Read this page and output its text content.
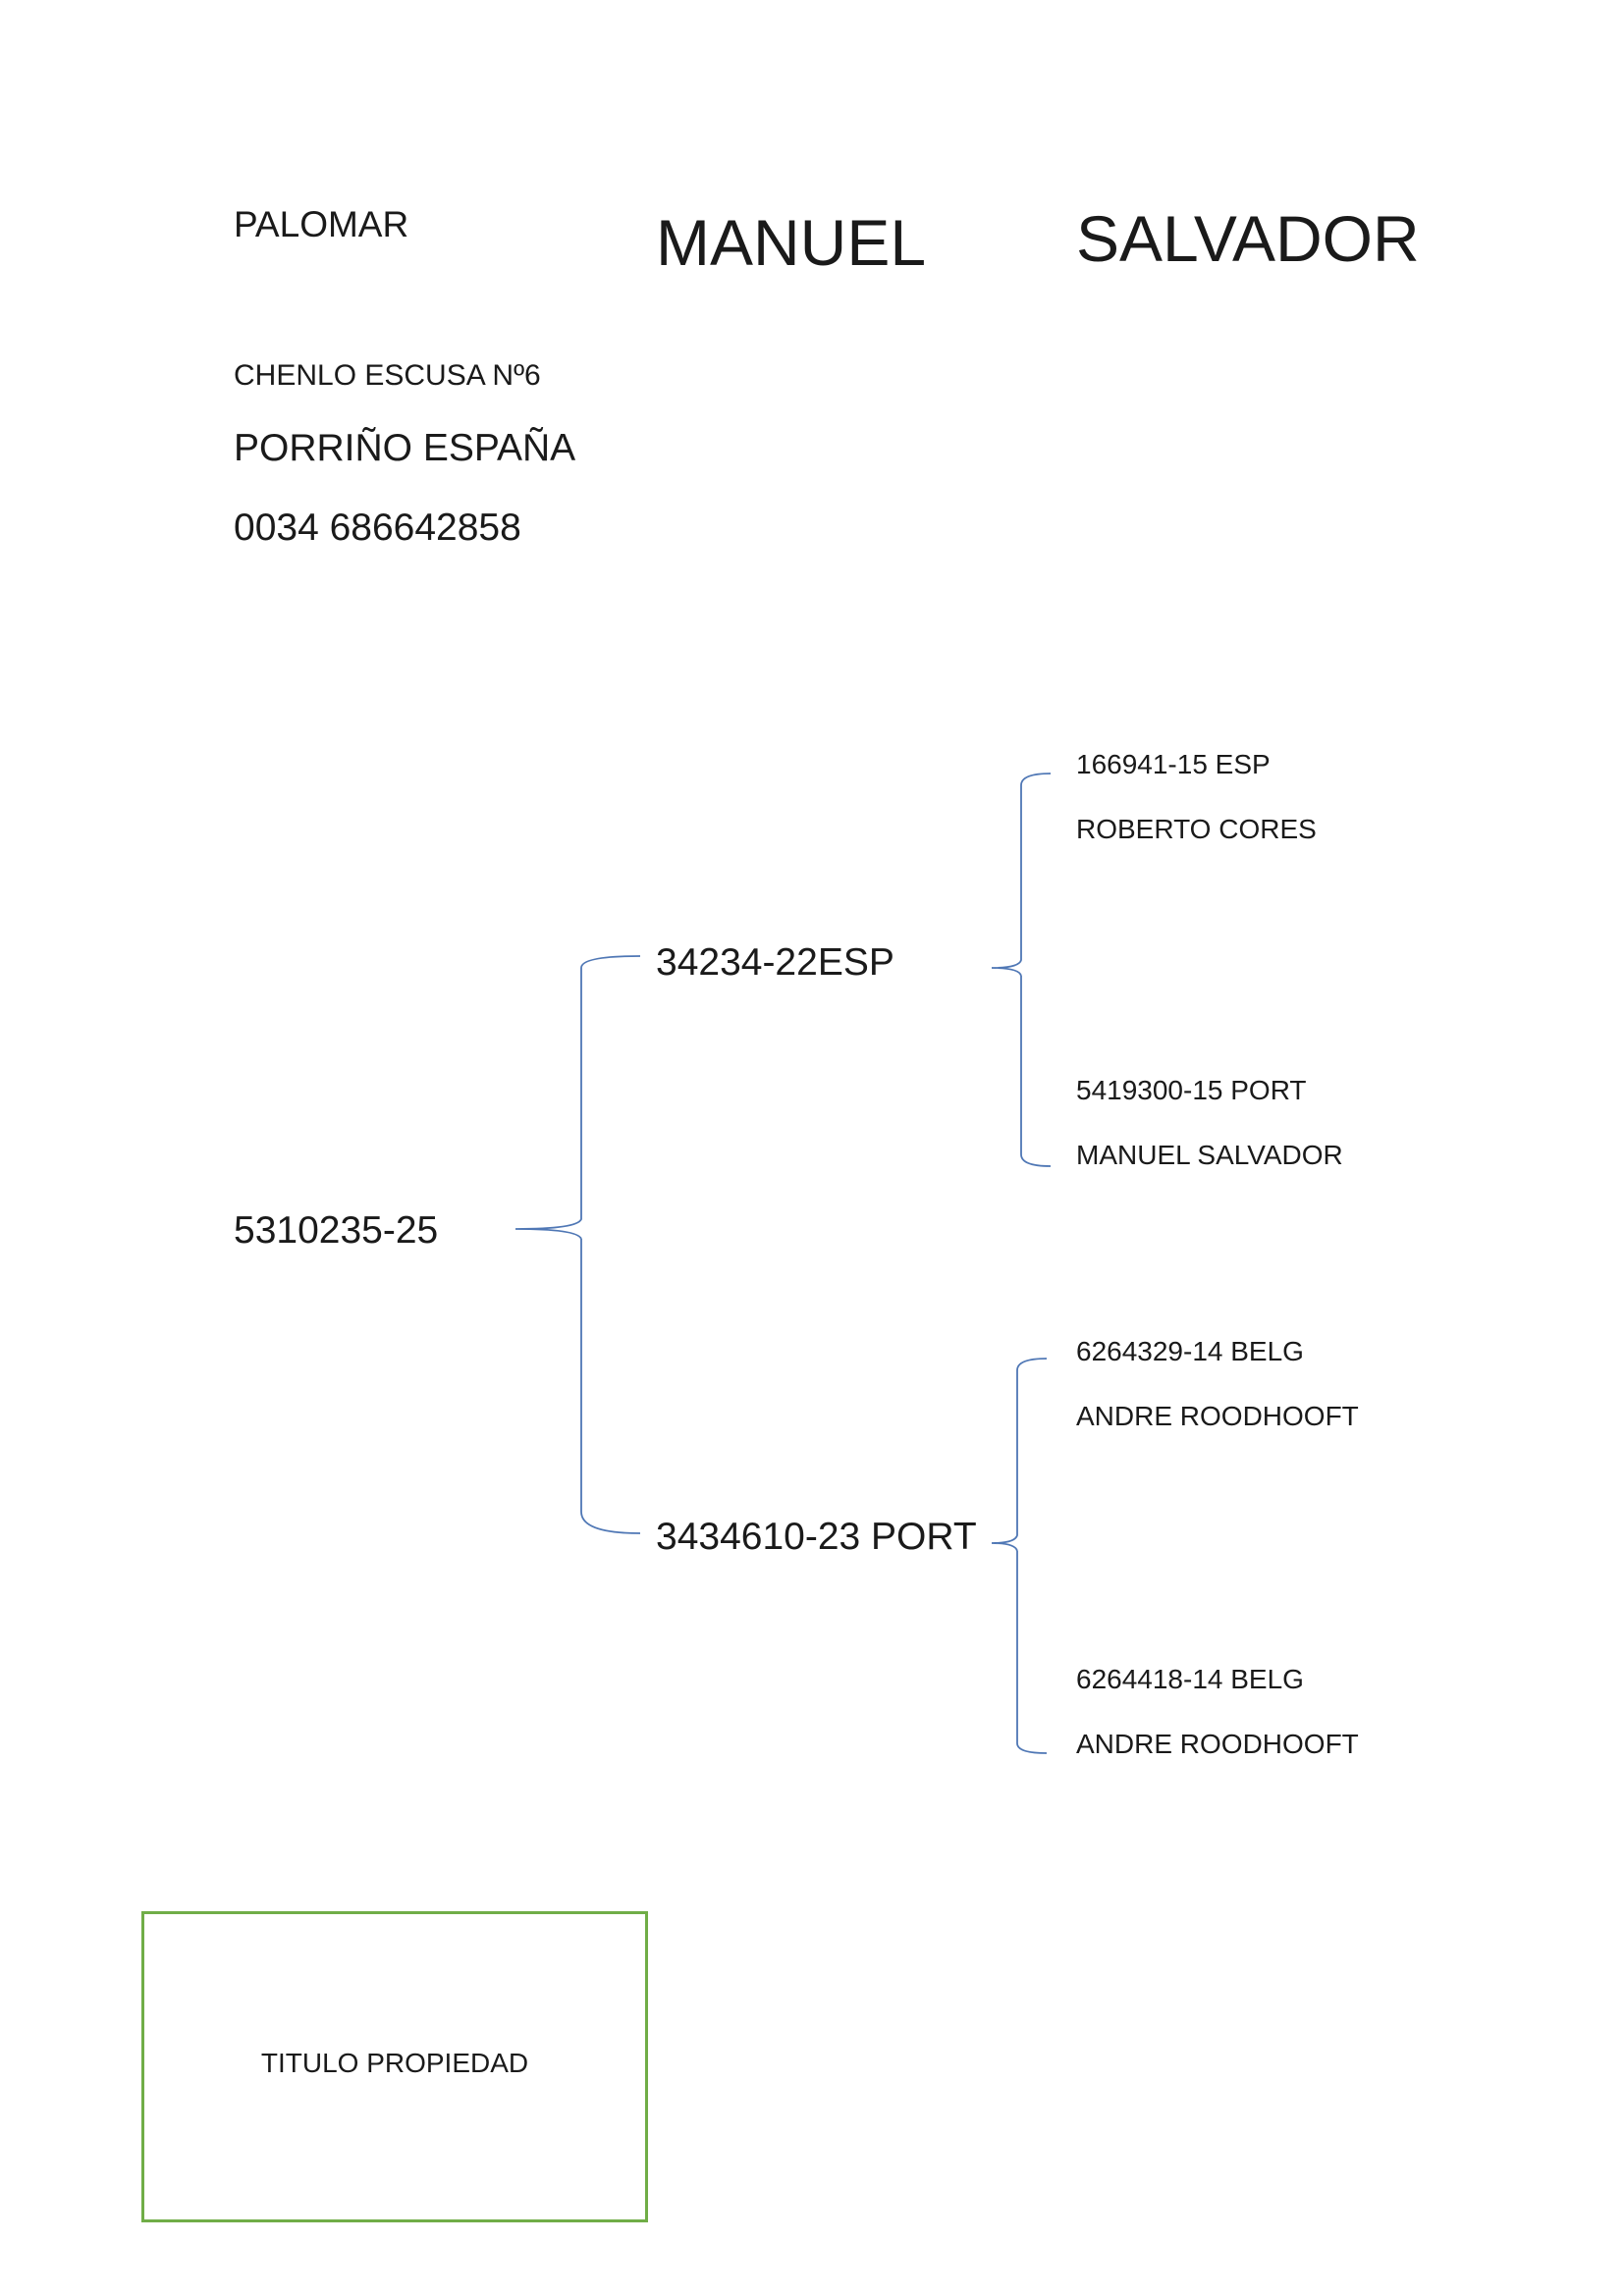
PALOMAR	MANUEL SALVADOR
CHENLO ESCUSA Nº6
PORRIÑO ESPAÑA
0034 686642858
5310235-25
34234-22ESP
3434610-23 PORT
166941-15 ESP
ROBERTO CORES
5419300-15 PORT
MANUEL SALVADOR
6264329-14 BELG
ANDRE ROODHOOFT
6264418-14 BELG
ANDRE ROODHOOFT
TITULO PROPIEDAD
